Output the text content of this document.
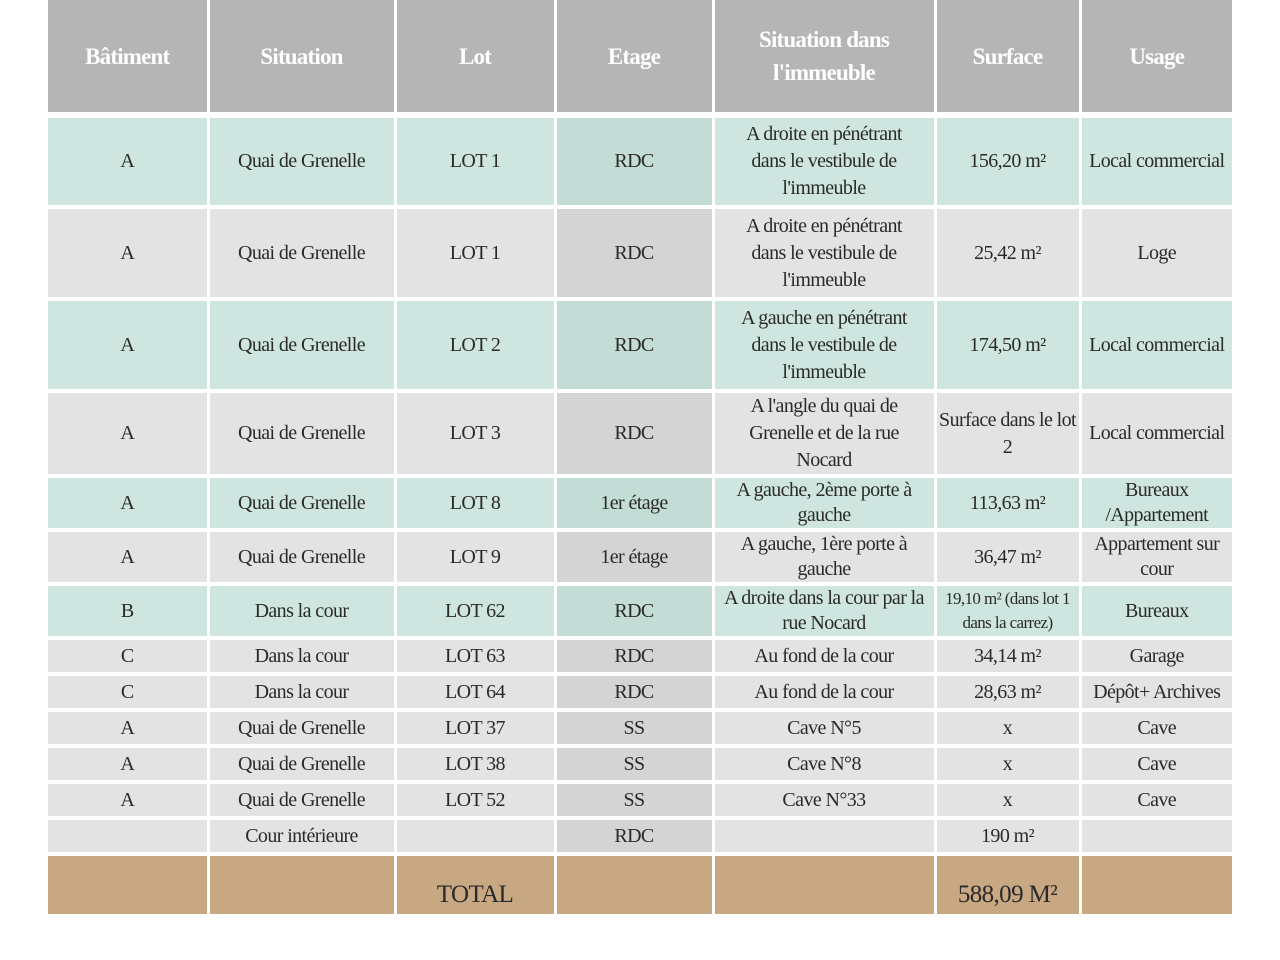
Bâtiment	Situation	Lot	Etage	Situation dans l'immeuble	Surface	Usage
A	Quai de Grenelle	LOT 1	RDC	A droite en pénétrant dans le vestibule de l'immeuble	156,20 m²	Local commercial
A	Quai de Grenelle	LOT 1	RDC	A droite en pénétrant dans le vestibule de l'immeuble	25,42 m²	Loge
A	Quai de Grenelle	LOT 2	RDC	A gauche en pénétrant dans le vestibule de l'immeuble	174,50 m²	Local commercial
A	Quai de Grenelle	LOT 3	RDC	A l'angle du quai de Grenelle et de la rue Nocard	Surface dans le lot 2	Local commercial
A	Quai de Grenelle	LOT 8	1er étage	A gauche, 2ème porte à gauche	113,63 m²	Bureaux /Appartement
A	Quai de Grenelle	LOT 9	1er étage	A gauche, 1ère porte à gauche	36,47 m²	Appartement sur cour
B	Dans la cour	LOT 62	RDC	A droite dans la cour par la rue Nocard	19,10 m² (dans lot 1 dans la carrez)	Bureaux
C	Dans la cour	LOT 63	RDC	Au fond de la cour	34,14 m²	Garage
C	Dans la cour	LOT 64	RDC	Au fond de la cour	28,63 m²	Dépôt+ Archives
A	Quai de Grenelle	LOT 37	SS	Cave N°5	x	Cave
A	Quai de Grenelle	LOT 38	SS	Cave N°8	x	Cave
A	Quai de Grenelle	LOT 52	SS	Cave N°33	x	Cave
	Cour intérieure		RDC		190 m²	
		TOTAL			588,09 M²	
